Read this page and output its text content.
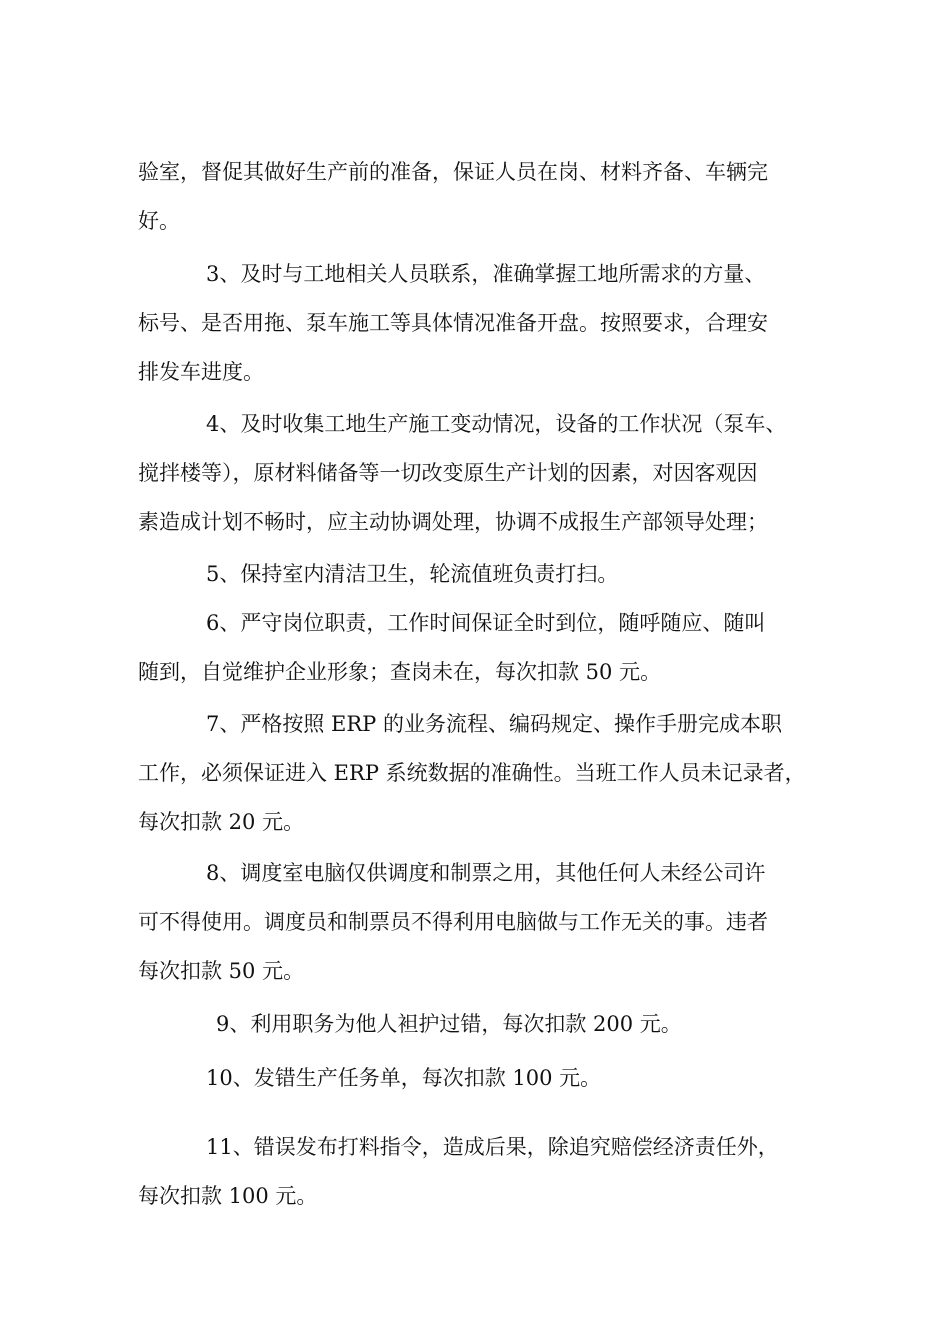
验室，督促其做好生产前的准备，保证人员在岗、材料齐备、车辆完
好。
3、及时与工地相关人员联系，准确掌握工地所需求的方量、
标号、是否用拖、泵车施工等具体情况准备开盘。按照要求，合理安
排发车进度。
4、及时收集工地生产施工变动情况，设备的工作状况（泵车、
搅拌楼等），原材料储备等一切改变原生产计划的因素，对因客观因
素造成计划不畅时，应主动协调处理，协调不成报生产部领导处理；
5、保持室内清洁卫生，轮流值班负责打扫。
6、严守岗位职责，工作时间保证全时到位，随呼随应、随叫
随到，自觉维护企业形象；查岗未在，每次扣款 50 元。
7、严格按照 ERP 的业务流程、编码规定、操作手册完成本职
工作，必须保证进入 ERP 系统数据的准确性。当班工作人员未记录者，
每次扣款 20 元。
8、调度室电脑仅供调度和制票之用，其他任何人未经公司许
可不得使用。调度员和制票员不得利用电脑做与工作无关的事。违者
每次扣款 50 元。
9、利用职务为他人袒护过错，每次扣款 200 元。
10、发错生产任务单，每次扣款 100 元。
11、错误发布打料指令，造成后果，除追究赔偿经济责任外，
每次扣款 100 元。
